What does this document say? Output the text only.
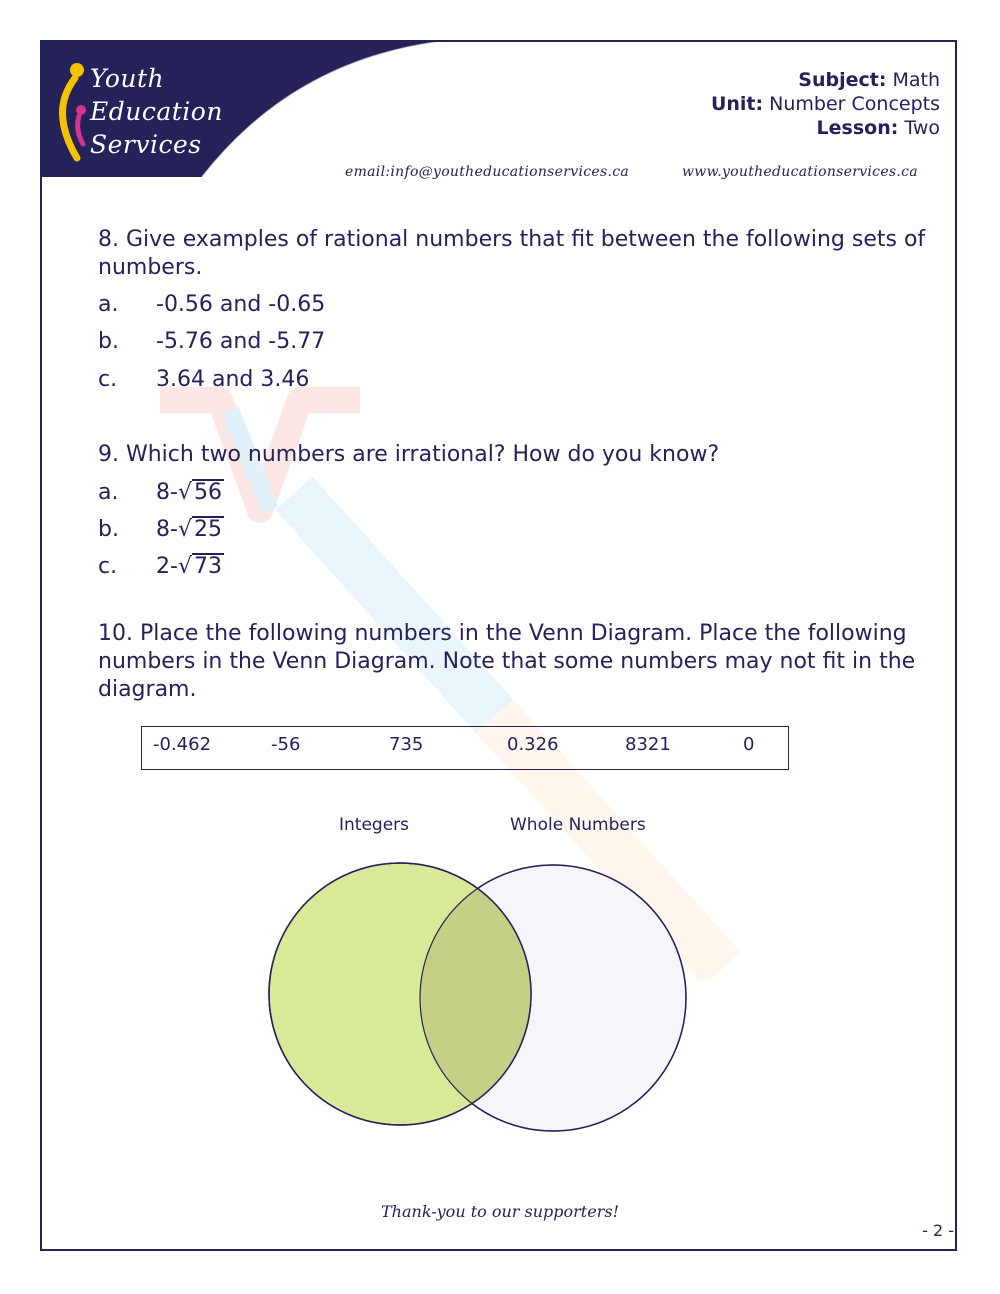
Youth
Education
Services
Subject: Math
Unit: Number Concepts
Lesson: Two
email:info@youtheducationservices.ca	www.youtheducationservices.ca
8. Give examples of rational numbers that fit between the following sets of numbers.
a. -0.56 and -0.65
b. -5.76 and -5.77
c. 3.64 and 3.46
9. Which two numbers are irrational? How do you know?
a. 8-√56
b. 8-√25
c. 2-√73
10. Place the following numbers in the Venn Diagram. Place the following numbers in the Venn Diagram. Note that some numbers may not fit in the diagram.
-0.462	-56	735	0.326	8321	0
Integers	Whole Numbers
Thank-you to our supporters!
- 2 -
